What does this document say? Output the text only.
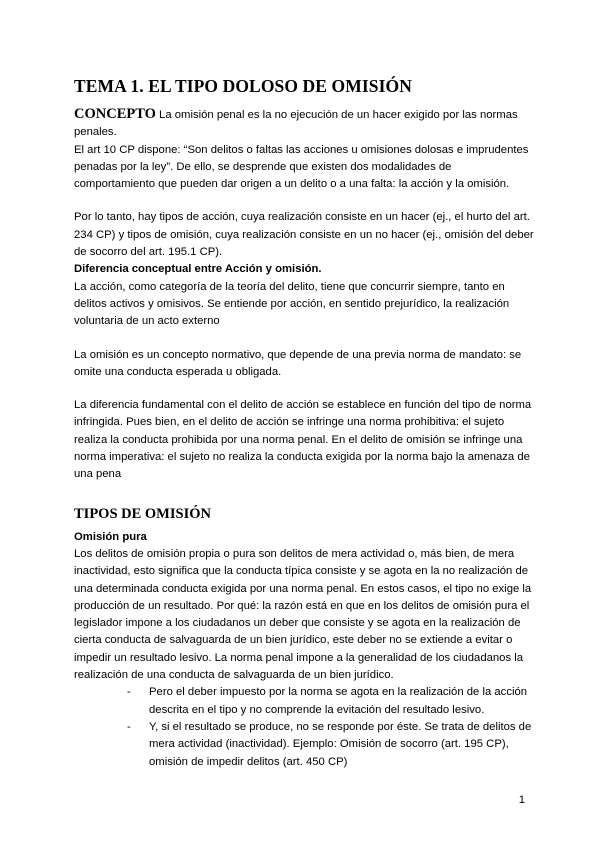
TEMA 1. EL TIPO DOLOSO DE OMISIÓN

CONCEPTO La omisión penal es la no ejecución de un hacer exigido por las normas penales.

El art 10 CP dispone: “Son delitos o faltas las acciones u omisiones dolosas e imprudentes penadas por la ley”. De ello, se desprende que existen dos modalidades de comportamiento que pueden dar origen a un delito o a una falta: la acción y la omisión.

Por lo tanto, hay tipos de acción, cuya realización consiste en un hacer (ej., el hurto del art. 234 CP) y tipos de omisión, cuya realización consiste en un no hacer (ej., omisión del deber de socorro del art. 195.1 CP).

Diferencia conceptual entre Acción y omisión.

La acción, como categoría de la teoría del delito, tiene que concurrir siempre, tanto en delitos activos y omisivos. Se entiende por acción, en sentido prejurídico, la realización voluntaria de un acto externo

La omisión es un concepto normativo, que depende de una previa norma de mandato: se omite una conducta esperada u obligada.

La diferencia fundamental con el delito de acción se establece en función del tipo de norma infringida. Pues bien, en el delito de acción se infringe una norma prohibitiva: el sujeto realiza la conducta prohibida por una norma penal. En el delito de omisión se infringe una norma imperativa: el sujeto no realiza la conducta exigida por la norma bajo la amenaza de una pena

TIPOS DE OMISIÓN

Omisión pura

Los delitos de omisión propia o pura son delitos de mera actividad o, más bien, de mera inactividad, esto significa que la conducta típica consiste y se agota en la no realización de una determinada conducta exigida por una norma penal. En estos casos, el tipo no exige la producción de un resultado. Por qué: la razón está en que en los delitos de omisión pura el legislador impone a los ciudadanos un deber que consiste y se agota en la realización de cierta conducta de salvaguarda de un bien jurídico, este deber no se extiende a evitar o impedir un resultado lesivo. La norma penal impone a la generalidad de los ciudadanos la realización de una conducta de salvaguarda de un bien jurídico.

- Pero el deber impuesto por la norma se agota en la realización de la acción descrita en el tipo y no comprende la evitación del resultado lesivo.
- Y, si el resultado se produce, no se responde por éste. Se trata de delitos de mera actividad (inactividad). Ejemplo: Omisión de socorro (art. 195 CP), omisión de impedir delitos (art. 450 CP)
1
